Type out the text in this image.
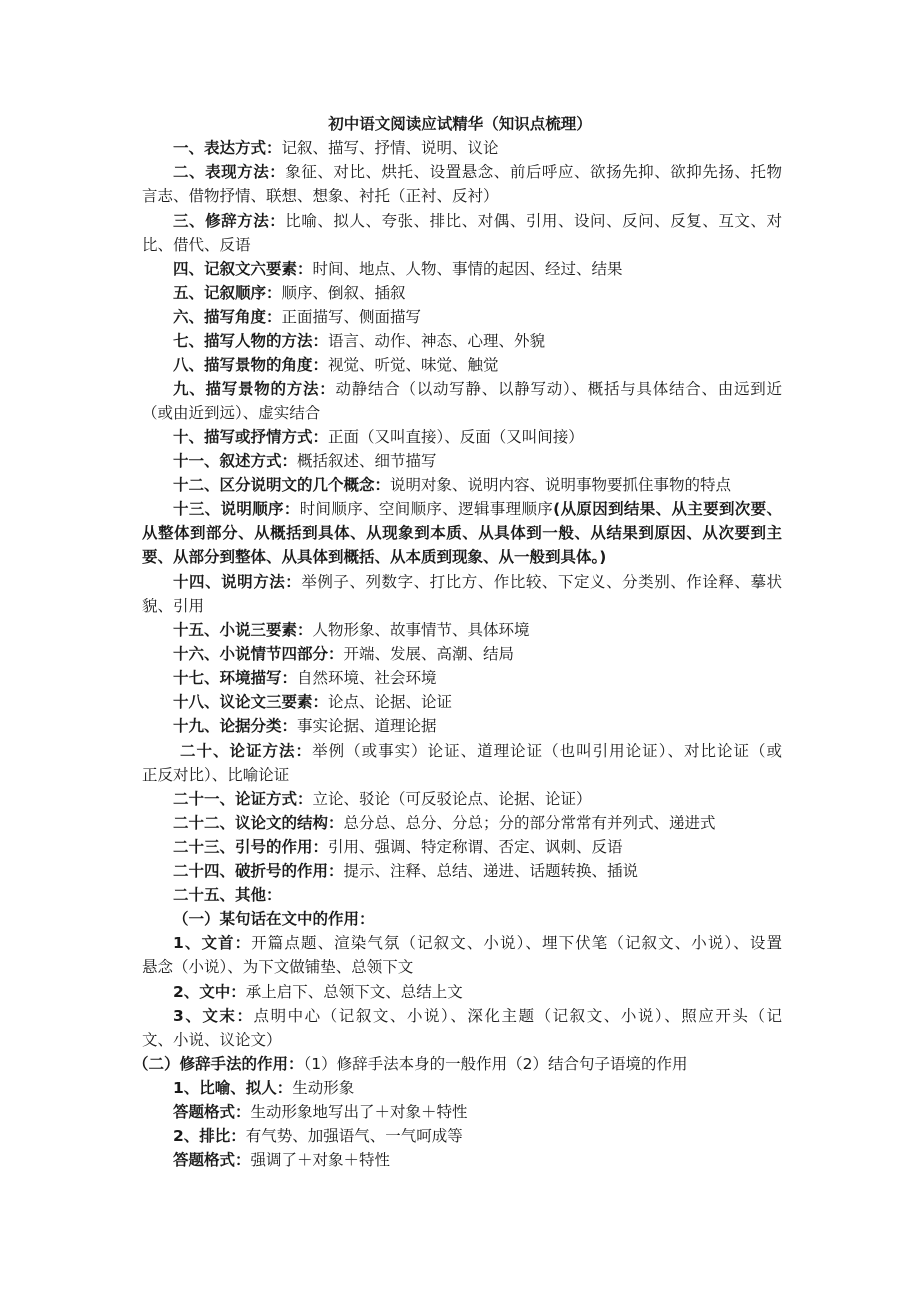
初中语文阅读应试精华（知识点梳理）
一、表达方式：记叙、描写、抒情、说明、议论
二、表现方法：象征、对比、烘托、设置悬念、前后呼应、欲扬先抑、欲抑先扬、托物
言志、借物抒情、联想、想象、衬托（正衬、反衬）
三、修辞方法：比喻、拟人、夸张、排比、对偶、引用、设问、反问、反复、互文、对
比、借代、反语
四、记叙文六要素：时间、地点、人物、事情的起因、经过、结果
五、记叙顺序：顺序、倒叙、插叙
六、描写角度：正面描写、侧面描写
七、描写人物的方法：语言、动作、神态、心理、外貌
八、描写景物的角度：视觉、听觉、味觉、触觉
九、描写景物的方法：动静结合（以动写静、以静写动）、概括与具体结合、由远到近
（或由近到远）、虚实结合
十、描写或抒情方式：正面（又叫直接）、反面（又叫间接）
十一、叙述方式：概括叙述、细节描写
十二、区分说明文的几个概念：说明对象、说明内容、说明事物要抓住事物的特点
十三、说明顺序：时间顺序、空间顺序、逻辑事理顺序(从原因到结果、从主要到次要、
从整体到部分、从概括到具体、从现象到本质、从具体到一般、从结果到原因、从次要到主
要、从部分到整体、从具体到概括、从本质到现象、从一般到具体。)
十四、说明方法：举例子、列数字、打比方、作比较、下定义、分类别、作诠释、摹状
貌、引用
十五、小说三要素：人物形象、故事情节、具体环境
十六、小说情节四部分：开端、发展、高潮、结局
十七、环境描写：自然环境、社会环境
十八、议论文三要素：论点、论据、论证
十九、论据分类：事实论据、道理论据
二十、论证方法：举例（或事实）论证、道理论证（也叫引用论证）、对比论证（或
正反对比）、比喻论证
二十一、论证方式：立论、驳论（可反驳论点、论据、论证）
二十二、议论文的结构：总分总、总分、分总；分的部分常常有并列式、递进式
二十三、引号的作用：引用、强调、特定称谓、否定、讽刺、反语
二十四、破折号的作用：提示、注释、总结、递进、话题转换、插说
二十五、其他：
（一）某句话在文中的作用：
1、文首：开篇点题、渲染气氛（记叙文、小说）、埋下伏笔（记叙文、小说）、设置
悬念（小说）、为下文做铺垫、总领下文
2、文中：承上启下、总领下文、总结上文
3、文末：点明中心（记叙文、小说）、深化主题（记叙文、小说）、照应开头（记
文、小说、议论文）
（二）修辞手法的作用：（1）修辞手法本身的一般作用（2）结合句子语境的作用
1、比喻、拟人：生动形象
答题格式：生动形象地写出了＋对象＋特性
2、排比：有气势、加强语气、一气呵成等
答题格式：强调了＋对象＋特性
